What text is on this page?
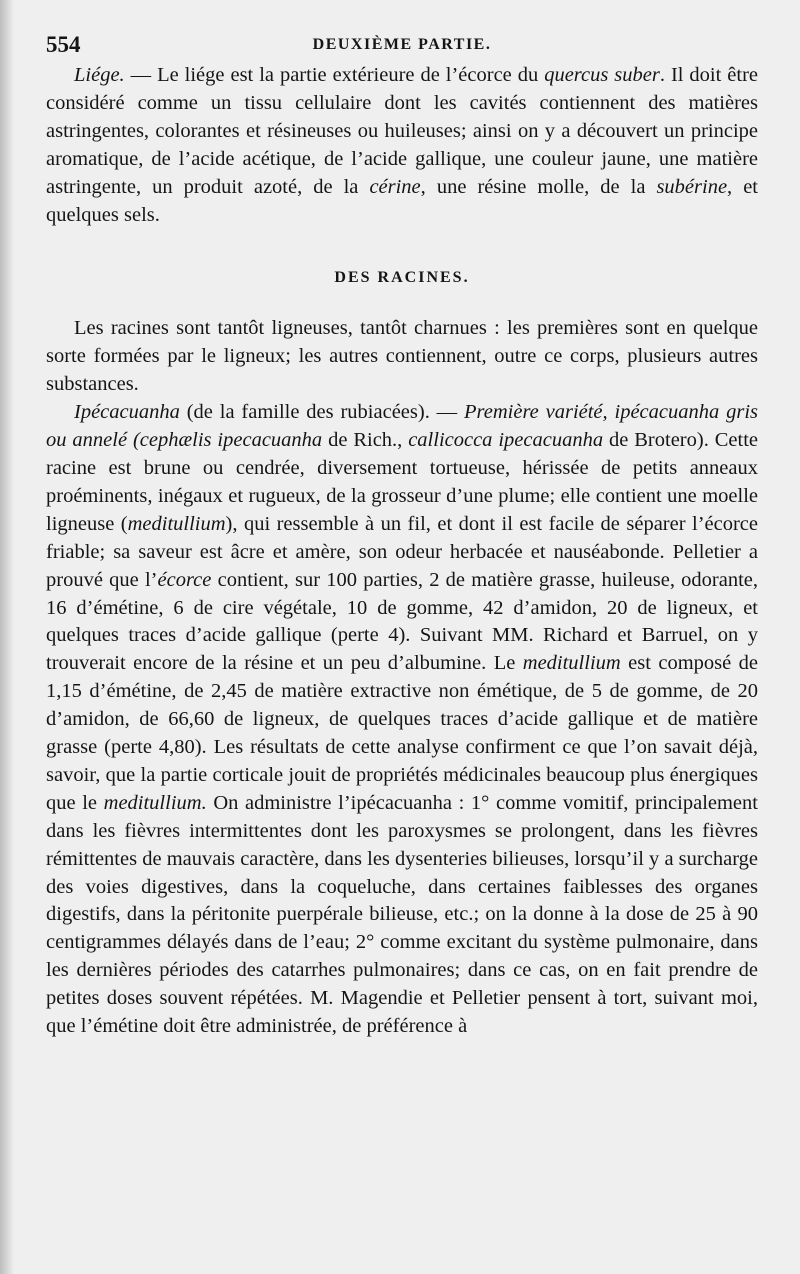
554	DEUXIÈME PARTIE.

Liége. — Le liége est la partie extérieure de l’écorce du quercus suber. Il doit être considéré comme un tissu cellulaire dont les cavités contiennent des matières astringentes, colorantes et résineuses ou huileuses; ainsi on y a découvert un principe aromatique, de l’acide acétique, de l’acide gallique, une couleur jaune, une matière astringente, un produit azoté, de la cérine, une résine molle, de la subérine, et quelques sels.

DES RACINES.

Les racines sont tantôt ligneuses, tantôt charnues : les premières sont en quelque sorte formées par le ligneux; les autres contiennent, outre ce corps, plusieurs autres substances.

Ipécacuanha (de la famille des rubiacées). — Première variété, ipécacuanha gris ou annelé (cephælis ipecacuanha de Rich., callicocca ipecacuanha de Brotero). Cette racine est brune ou cendrée, diversement tortueuse, hérissée de petits anneaux proéminents, inégaux et rugueux, de la grosseur d’une plume; elle contient une moelle ligneuse (meditullium), qui ressemble à un fil, et dont il est facile de séparer l’écorce friable; sa saveur est âcre et amère, son odeur herbacée et nauséabonde. Pelletier a prouvé que l’écorce contient, sur 100 parties, 2 de matière grasse, huileuse, odorante, 16 d’émétine, 6 de cire végétale, 10 de gomme, 42 d’amidon, 20 de ligneux, et quelques traces d’acide gallique (perte 4). Suivant MM. Richard et Barruel, on y trouverait encore de la résine et un peu d’albumine. Le meditullium est composé de 1,15 d’émétine, de 2,45 de matière extractive non émétique, de 5 de gomme, de 20 d’amidon, de 66,60 de ligneux, de quelques traces d’acide gallique et de matière grasse (perte 4,80). Les résultats de cette analyse confirment ce que l’on savait déjà, savoir, que la partie corticale jouit de propriétés médicinales beaucoup plus énergiques que le meditullium. On administre l’ipécacuanha : 1° comme vomitif, principalement dans les fièvres intermittentes dont les paroxysmes se prolongent, dans les fièvres rémittentes de mauvais caractère, dans les dysenteries bilieuses, lorsqu’il y a surcharge des voies digestives, dans la coqueluche, dans certaines faiblesses des organes digestifs, dans la péritonite puerpérale bilieuse, etc.; on la donne à la dose de 25 à 90 centigrammes délayés dans de l’eau; 2° comme excitant du système pulmonaire, dans les dernières périodes des catarrhes pulmonaires; dans ce cas, on en fait prendre de petites doses souvent répétées. M. Magendie et Pelletier pensent à tort, suivant moi, que l’émétine doit être administrée, de préférence à
